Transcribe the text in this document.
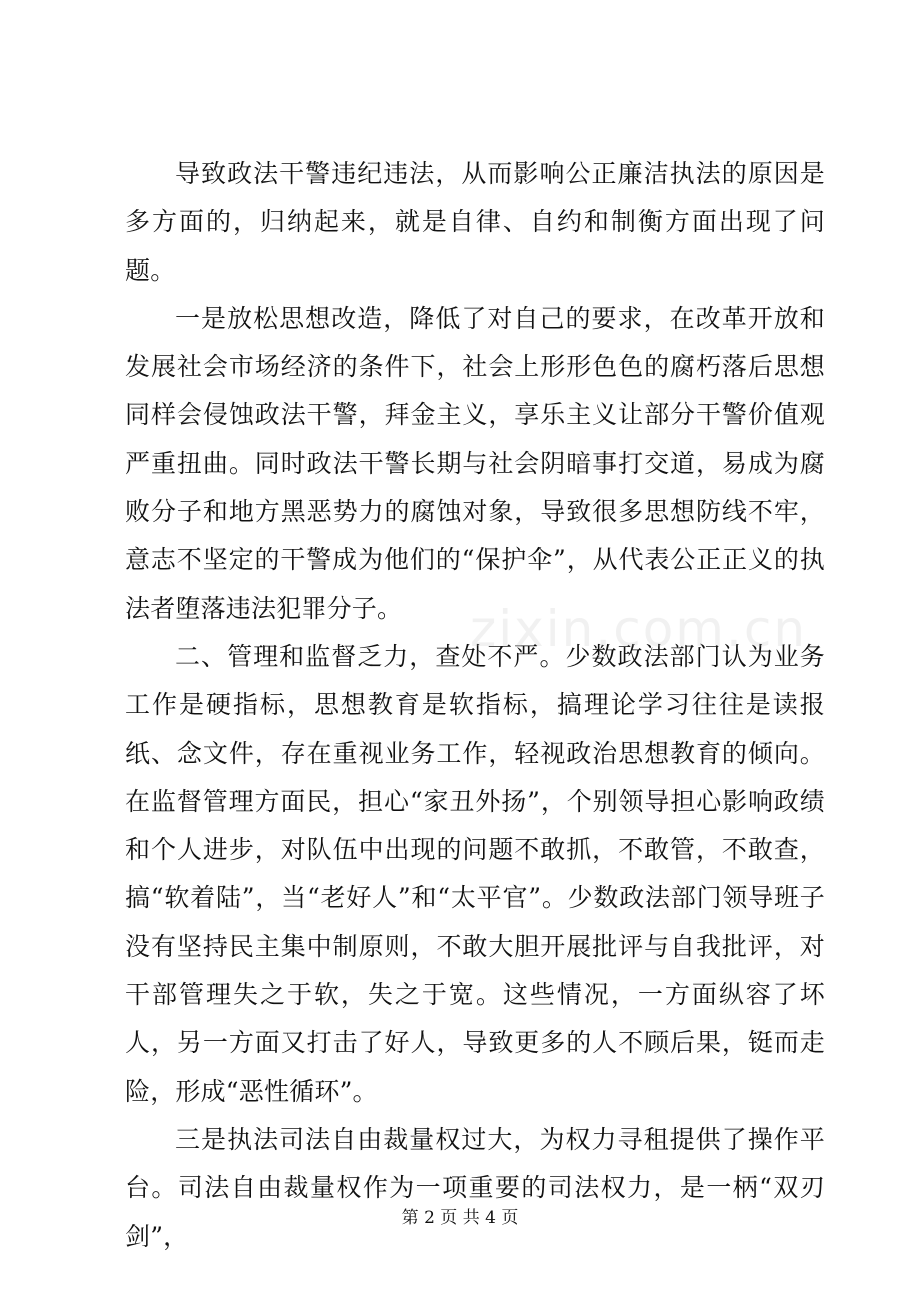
导致政法干警违纪违法，从而影响公正廉洁执法的原因是多方面的，归纳起来，就是自律、自约和制衡方面出现了问题。

一是放松思想改造，降低了对自己的要求，在改革开放和发展社会市场经济的条件下，社会上形形色色的腐朽落后思想同样会侵蚀政法干警，拜金主义，享乐主义让部分干警价值观严重扭曲。同时政法干警长期与社会阴暗事打交道，易成为腐败分子和地方黑恶势力的腐蚀对象，导致很多思想防线不牢，意志不坚定的干警成为他们的“保护伞”，从代表公正正义的执法者堕落违法犯罪分子。

二、管理和监督乏力，查处不严。少数政法部门认为业务工作是硬指标，思想教育是软指标，搞理论学习往往是读报纸、念文件，存在重视业务工作，轻视政治思想教育的倾向。在监督管理方面民，担心“家丑外扬”，个别领导担心影响政绩和个人进步，对队伍中出现的问题不敢抓，不敢管，不敢查，搞“软着陆”，当“老好人”和“太平官”。少数政法部门领导班子没有坚持民主集中制原则，不敢大胆开展批评与自我批评，对干部管理失之于软，失之于宽。这些情况，一方面纵容了坏人，另一方面又打击了好人，导致更多的人不顾后果，铤而走险，形成“恶性循环”。

三是执法司法自由裁量权过大，为权力寻租提供了操作平台。司法自由裁量权作为一项重要的司法权力，是一柄“双刃剑”，

zixin.com.cn
第 2 页 共 4 页
